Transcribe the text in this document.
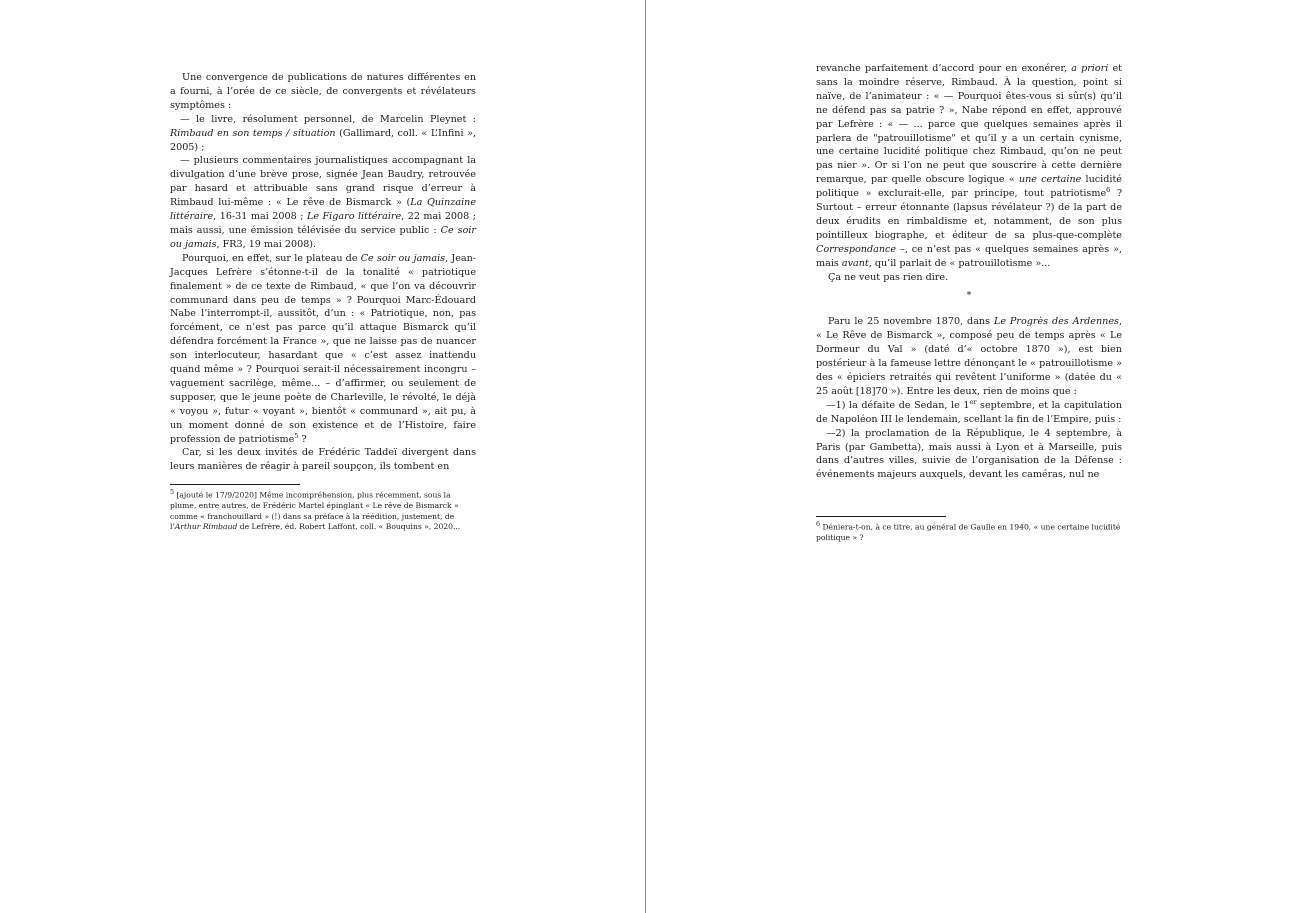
Une convergence de publications de natures différentes en a fourni, à l’orée de ce siècle, de convergents et révélateurs symptômes :

— le livre, résolument personnel, de Marcelin Pleynet : Rimbaud en son temps / situation (Gallimard, coll. « L’Infini », 2005) ;

— plusieurs commentaires journalistiques accompagnant la divulgation d’une brève prose, signée Jean Baudry, retrouvée par hasard et attribuable sans grand risque d’erreur à Rimbaud lui-même : « Le rêve de Bismarck » (La Quinzaine littéraire, 16-31 mai 2008 ; Le Figaro littéraire, 22 mai 2008 ; mais aussi, une émission télévisée du service public : Ce soir ou jamais, FR3, 19 mai 2008).

Pourquoi, en effet, sur le plateau de Ce soir ou jamais, Jean-Jacques Lefrère s’étonne-t-il de la tonalité « patriotique finalement » de ce texte de Rimbaud, « que l’on va découvrir communard dans peu de temps » ? Pourquoi Marc-Édouard Nabe l’interrompt-il, aussitôt, d’un : « Patriotique, non, pas forcément, ce n’est pas parce qu’il attaque Bismarck qu’il défendra forcément la France », que ne laisse pas de nuancer son interlocuteur, hasardant que « c’est assez inattendu quand même » ? Pourquoi serait-il nécessairement incongru – vaguement sacrilège, même... – d’affirmer, ou seulement de supposer, que le jeune poète de Charleville, le révolté, le déjà « voyou », futur « voyant », bientôt « communard », ait pu, à un moment donné de son existence et de l’Histoire, faire profession de patriotisme$^5$ ?

Car, si les deux invités de Frédéric Taddeï divergent dans leurs manières de réagir à pareil soupçon, ils tombent en

$^5$ [ajouté le 17/9/2020] Même incompréhension, plus récemment, sous la plume, entre autres, de Frédéric Martel épinglant « Le rêve de Bismarck » comme « franchouillard » (!) dans sa préface à la réédition, justement, de l’Arthur Rimbaud de Lefrère, éd. Robert Laffont, coll. « Bouquins », 2020...

revanche parfaitement d’accord pour en exonérer, a priori et sans la moindre réserve, Rimbaud. À la question, point si naïve, de l’animateur : « — Pourquoi êtes-vous si sûr(s) qu’il ne défend pas sa patrie ? », Nabe répond en effet, approuvé par Lefrère : « — ... parce que quelques semaines après il parlera de "patrouillotisme" et qu’il y a un certain cynisme, une certaine lucidité politique chez Rimbaud, qu’on ne peut pas nier ». Or si l’on ne peut que souscrire à cette dernière remarque, par quelle obscure logique « une certaine lucidité politique » exclurait-elle, par principe, tout patriotisme$^6$ ? Surtout – erreur étonnante (lapsus révélateur ?) de la part de deux érudits en rimbaldisme et, notamment, de son plus pointilleux biographe, et éditeur de sa plus-que-complète Correspondance –, ce n’est pas « quelques semaines après », mais avant, qu’il parlait de « patrouillotisme »...

Ça ne veut pas rien dire.

*

Paru le 25 novembre 1870, dans Le Progrès des Ardennes, « Le Rêve de Bismarck », composé peu de temps après « Le Dormeur du Val » (daté d’« octobre 1870 »), est bien postérieur à la fameuse lettre dénonçant le « patrouillotisme » des « épiciers retraités qui revêtent l’uniforme » (datée du « 25 août [18]70 »). Entre les deux, rien de moins que :

—1) la défaite de Sedan, le 1er septembre, et la capitulation de Napoléon III le lendemain, scellant la fin de l’Empire, puis :

—2) la proclamation de la République, le 4 septembre, à Paris (par Gambetta), mais aussi à Lyon et à Marseille, puis dans d’autres villes, suivie de l’organisation de la Défense : événements majeurs auxquels, devant les caméras, nul ne

$^6$ Déniera-t-on, à ce titre, au général de Gaulle en 1940, « une certaine lucidité politique » ?
